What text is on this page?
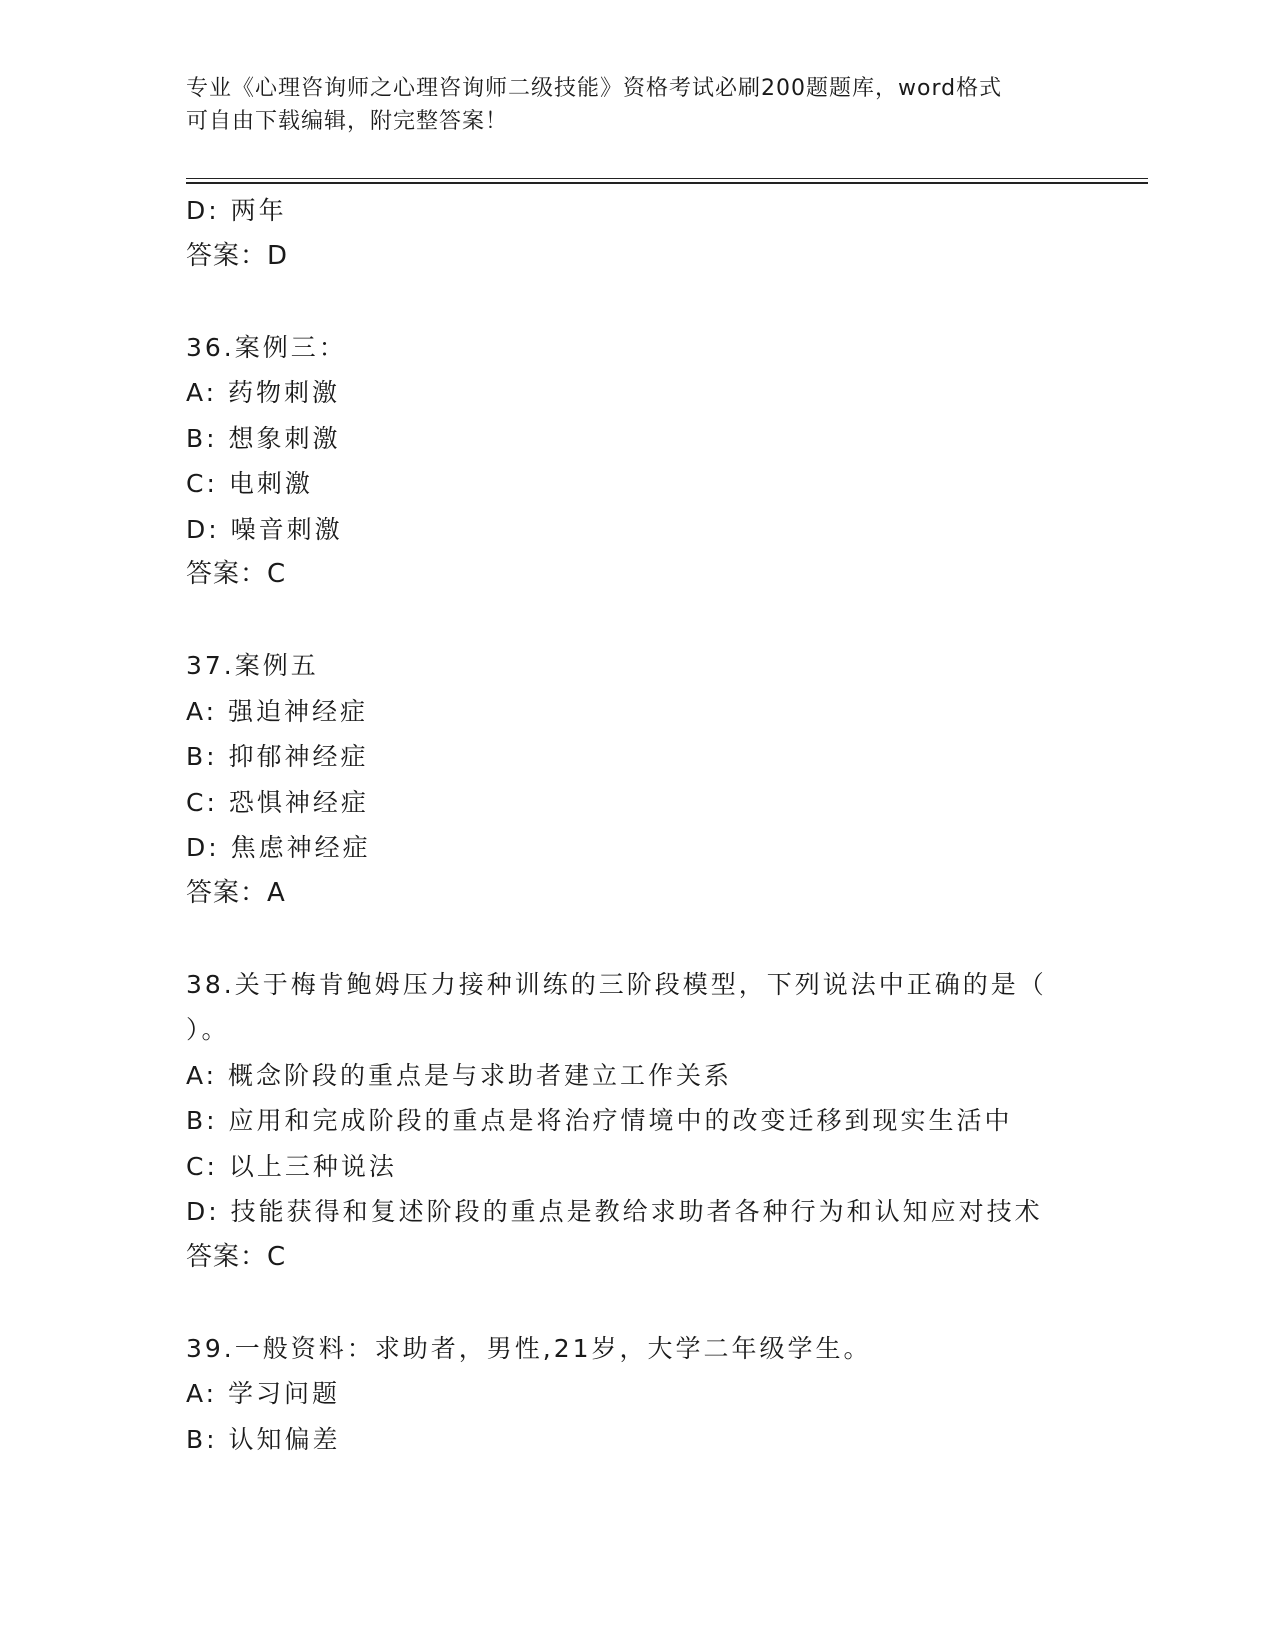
专业《心理咨询师之心理咨询师二级技能》资格考试必刷200题题库，word格式
可自由下载编辑，附完整答案！
D: 两年
答案：D
36.案例三：
A: 药物刺激
B: 想象刺激
C: 电刺激
D: 噪音刺激
答案：C
37.案例五
A: 强迫神经症
B: 抑郁神经症
C: 恐惧神经症
D: 焦虑神经症
答案：A
38.关于梅肯鲍姆压力接种训练的三阶段模型，下列说法中正确的是（
）。
A: 概念阶段的重点是与求助者建立工作关系
B: 应用和完成阶段的重点是将治疗情境中的改变迁移到现实生活中
C: 以上三种说法
D: 技能获得和复述阶段的重点是教给求助者各种行为和认知应对技术
答案：C
39.一般资料：求助者，男性,21岁，大学二年级学生。
A: 学习问题
B: 认知偏差
